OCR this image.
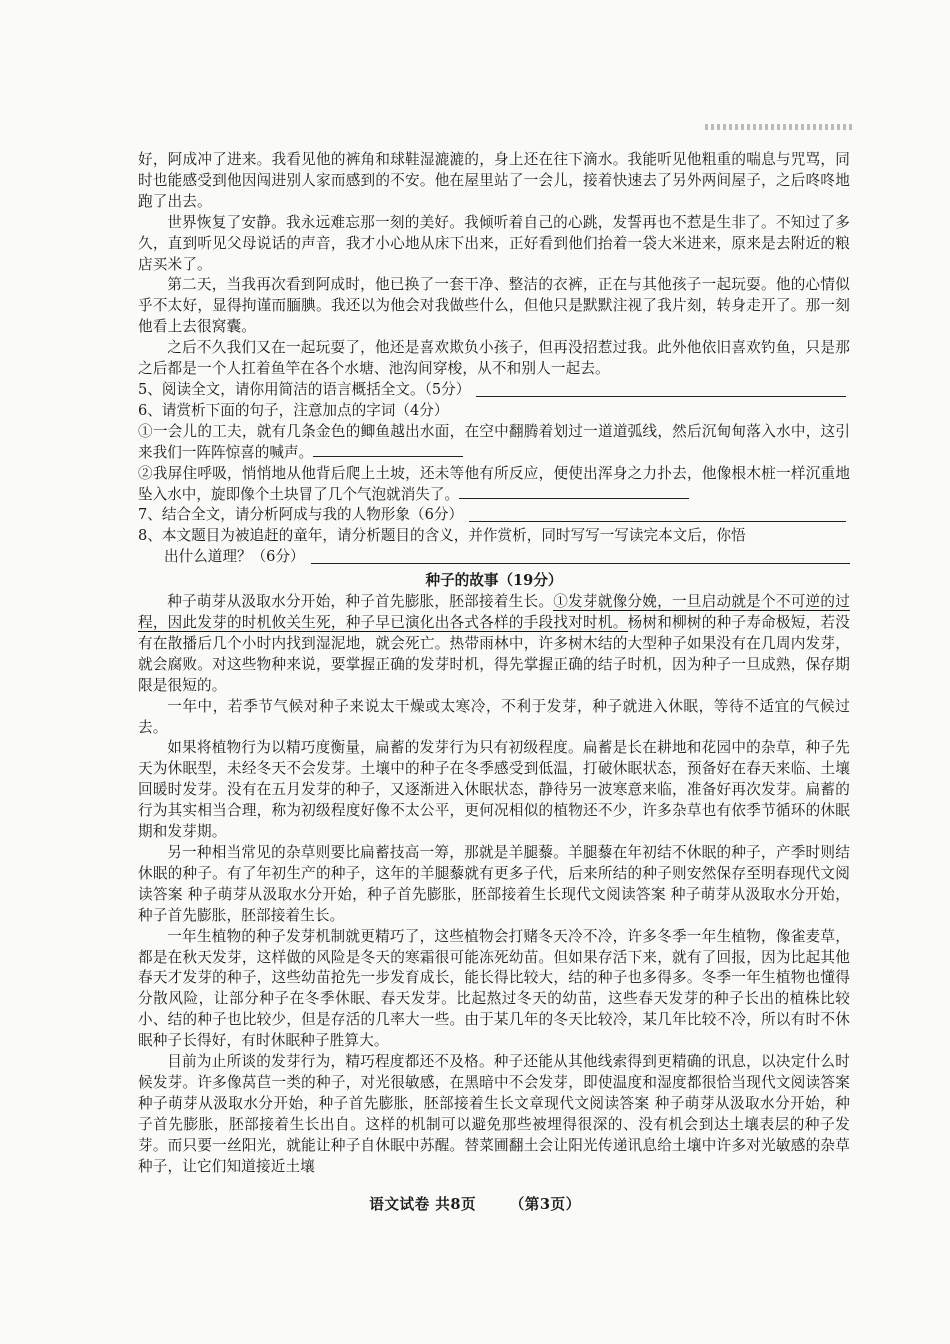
好，阿成冲了进来。我看见他的裤角和球鞋湿漉漉的，身上还在往下滴水。我能听见他粗重的喘息与咒骂，同时也能感受到他因闯进别人家而感到的不安。他在屋里站了一会儿，接着快速去了另外两间屋子，之后咚咚地跑了出去。

世界恢复了安静。我永远难忘那一刻的美好。我倾听着自己的心跳，发誓再也不惹是生非了。不知过了多久，直到听见父母说话的声音，我才小心地从床下出来，正好看到他们抬着一袋大米进来，原来是去附近的粮店买米了。

第二天，当我再次看到阿成时，他已换了一套干净、整洁的衣裤，正在与其他孩子一起玩耍。他的心情似乎不太好，显得拘谨而腼腆。我还以为他会对我做些什么，但他只是默默注视了我片刻，转身走开了。那一刻他看上去很窝囊。

之后不久我们又在一起玩耍了，他还是喜欢欺负小孩子，但再没招惹过我。此外他依旧喜欢钓鱼，只是那之后都是一个人扛着鱼竿在各个水塘、池沟间穿梭，从不和别人一起去。

5、阅读全文，请你用简洁的语言概括全文。（5分）
6、请赏析下面的句子，注意加点的字词（4分）

①一会儿的工夫，就有几条金色的鲫鱼越出水面，在空中翻腾着划过一道道弧线，然后沉甸甸落入水中，这引来我们一阵阵惊喜的喊声。

②我屏住呼吸，悄悄地从他背后爬上土坡，还未等他有所反应，便使出浑身之力扑去，他像根木桩一样沉重地坠入水中，旋即像个土块冒了几个气泡就消失了。

7、结合全文，请分析阿成与我的人物形象（6分）
8、本文题目为被追赶的童年，请分析题目的含义，并作赏析，同时写写一写读完本文后，你悟
出什么道理？（6分）
种子的故事（19分）

种子萌芽从汲取水分开始，种子首先膨胀，胚部接着生长。①发芽就像分娩，一旦启动就是个不可逆的过程，因此发芽的时机攸关生死，种子早已演化出各式各样的手段找对时机。杨树和柳树的种子寿命极短，若没有在散播后几个小时内找到湿泥地，就会死亡。热带雨林中，许多树木结的大型种子如果没有在几周内发芽，就会腐败。对这些物种来说，要掌握正确的发芽时机，得先掌握正确的结子时机，因为种子一旦成熟，保存期限是很短的。

一年中，若季节气候对种子来说太干燥或太寒冷，不利于发芽，种子就进入休眠，等待不适宜的气候过去。

如果将植物行为以精巧度衡量，扁蓄的发芽行为只有初级程度。扁蓄是长在耕地和花园中的杂草，种子先天为休眠型，未经冬天不会发芽。土壤中的种子在冬季感受到低温，打破休眠状态，预备好在春天来临、土壤回暖时发芽。没有在五月发芽的种子，又逐渐进入休眠状态，静待另一波寒意来临，准备好再次发芽。扁蓄的行为其实相当合理，称为初级程度好像不太公平，更何况相似的植物还不少，许多杂草也有依季节循环的休眠期和发芽期。

另一种相当常见的杂草则要比扁蓄技高一筹，那就是羊腿藜。羊腿藜在年初结不休眠的种子，产季时则结休眠的种子。有了年初生产的种子，这年的羊腿藜就有更多子代，后来所结的种子则安然保存至明春现代文阅读答案 种子萌芽从汲取水分开始，种子首先膨胀，胚部接着生长现代文阅读答案 种子萌芽从汲取水分开始，种子首先膨胀，胚部接着生长。

一年生植物的种子发芽机制就更精巧了，这些植物会打赌冬天冷不冷，许多冬季一年生植物，像雀麦草，都是在秋天发芽，这样做的风险是冬天的寒霜很可能冻死幼苗。但如果存活下来，就有了回报，因为比起其他春天才发芽的种子，这些幼苗抢先一步发育成长，能长得比较大，结的种子也多得多。冬季一年生植物也懂得分散风险，让部分种子在冬季休眠、春天发芽。比起熬过冬天的幼苗，这些春天发芽的种子长出的植株比较小、结的种子也比较少，但是存活的几率大一些。由于某几年的冬天比较冷，某几年比较不冷，所以有时不休眠种子长得好，有时休眠种子胜算大。

目前为止所谈的发芽行为，精巧程度都还不及格。种子还能从其他线索得到更精确的讯息，以决定什么时候发芽。许多像莴苣一类的种子，对光很敏感，在黑暗中不会发芽，即使温度和湿度都很恰当现代文阅读答案 种子萌芽从汲取水分开始，种子首先膨胀，胚部接着生长文章现代文阅读答案 种子萌芽从汲取水分开始，种子首先膨胀，胚部接着生长出自。这样的机制可以避免那些被埋得很深的、没有机会到达土壤表层的种子发芽。而只要一丝阳光，就能让种子自休眠中苏醒。替菜圃翻土会让阳光传递讯息给土壤中许多对光敏感的杂草种子，让它们知道接近土壤

语文试卷 共8页 （第3页）
